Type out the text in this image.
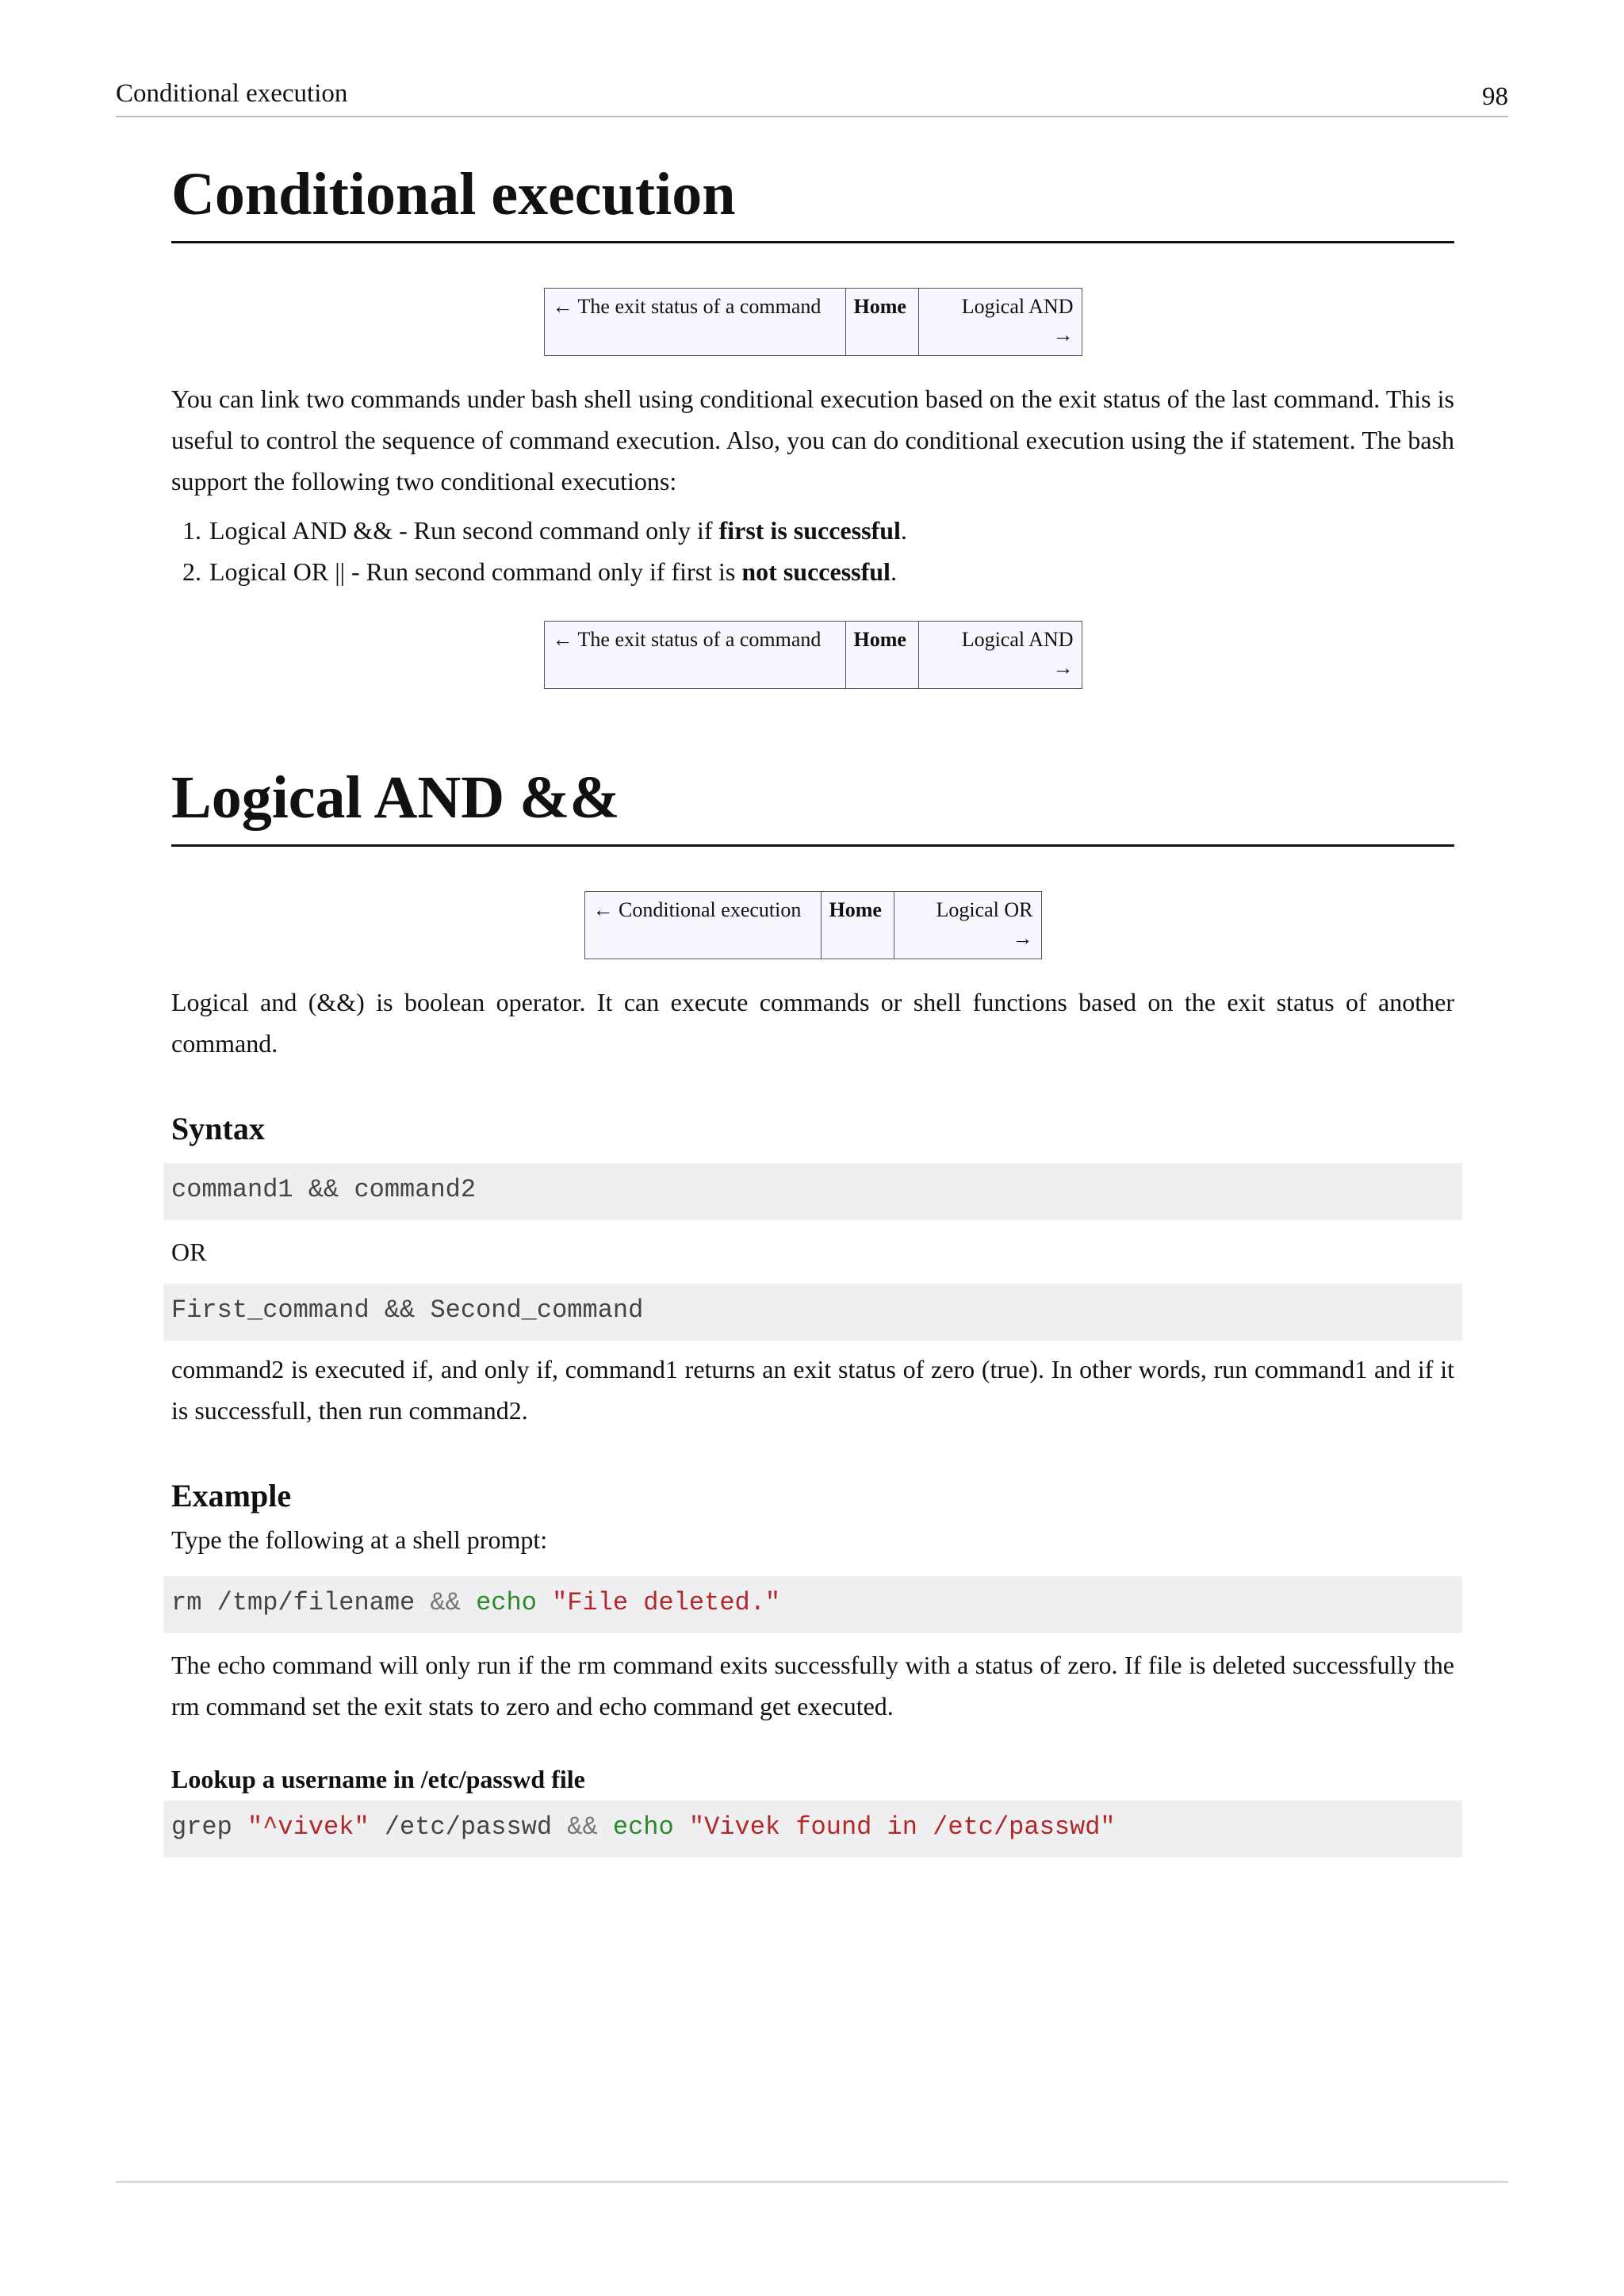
Conditional execution	98
Conditional execution
← The exit status of a command	Home	Logical AND
→

You can link two commands under bash shell using conditional execution based on the exit status of the last command. This is useful to control the sequence of command execution. Also, you can do conditional execution using the if statement. The bash support the following two conditional executions:

1. Logical AND && - Run second command only if first is successful.
2. Logical OR || - Run second command only if first is not successful.
← The exit status of a command	Home	Logical AND
→
Logical AND &&
← Conditional execution	Home	Logical OR
→

Logical and (&&) is boolean operator. It can execute commands or shell functions based on the exit status of another command.

Syntax
command1 && command2
OR
First_command && Second_command

command2 is executed if, and only if, command1 returns an exit status of zero (true). In other words, run command1 and if it is successfull, then run command2.

Example

Type the following at a shell prompt:

rm /tmp/filename && echo "File deleted."

The echo command will only run if the rm command exits successfully with a status of zero. If file is deleted successfully the rm command set the exit stats to zero and echo command get executed.

Lookup a username in /etc/passwd file
grep "^vivek" /etc/passwd && echo "Vivek found in /etc/passwd"
